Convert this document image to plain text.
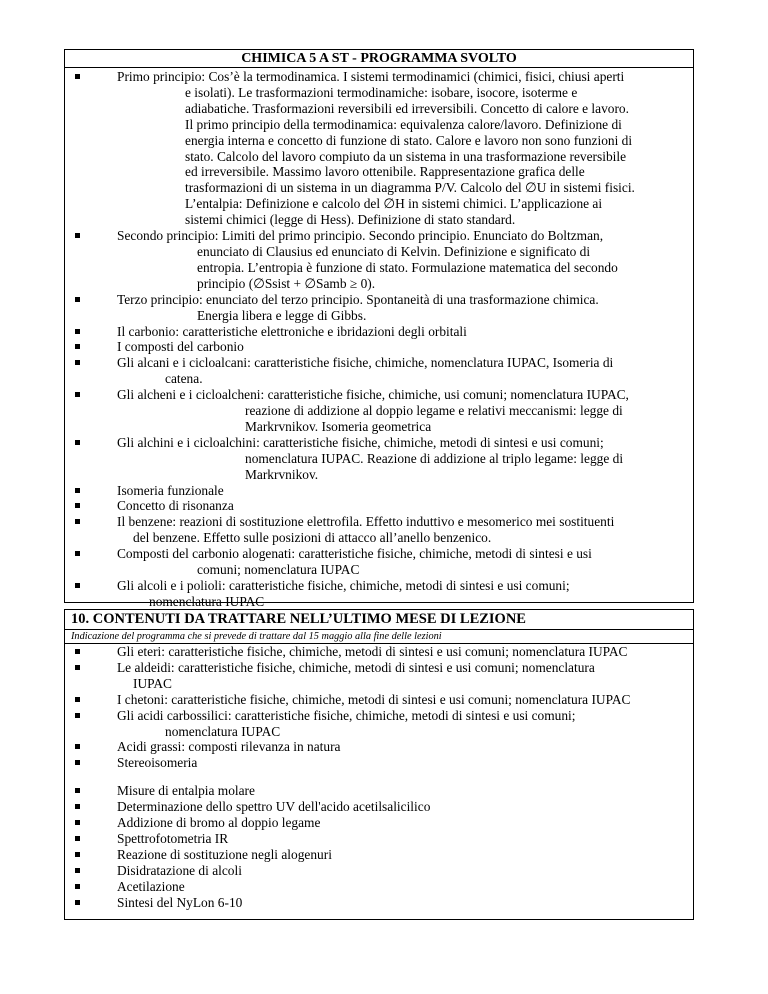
CHIMICA 5 A ST - PROGRAMMA SVOLTO
Primo principio: Cos’è la termodinamica. I sistemi termodinamici (chimici, fisici, chiusi aperti
e isolati). Le trasformazioni termodinamiche: isobare, isocore, isoterme e
adiabatiche. Trasformazioni reversibili ed irreversibili. Concetto di calore e lavoro.
Il primo principio della termodinamica: equivalenza calore/lavoro. Definizione di
energia interna e concetto di funzione di stato. Calore e lavoro non sono funzioni di
stato. Calcolo del lavoro compiuto da un sistema in una trasformazione reversibile
ed irreversibile. Massimo lavoro ottenibile. Rappresentazione grafica delle
trasformazioni di un sistema in un diagramma P/V. Calcolo del ∅U in sistemi fisici.
L’entalpia: Definizione e calcolo del ∅H in sistemi chimici. L’applicazione ai
sistemi chimici (legge di Hess). Definizione di stato standard.
Secondo principio: Limiti del primo principio. Secondo principio. Enunciato do Boltzman,
enunciato di Clausius ed enunciato di Kelvin. Definizione e significato di
entropia. L’entropia è funzione di stato. Formulazione matematica del secondo
principio (∅Ssist + ∅Samb ≥ 0).
Terzo principio: enunciato del terzo principio. Spontaneità di una trasformazione chimica.
Energia libera e legge di Gibbs.
Il carbonio: caratteristiche elettroniche e ibridazioni degli orbitali
I composti del carbonio
Gli alcani e i cicloalcani: caratteristiche fisiche, chimiche, nomenclatura IUPAC, Isomeria di
catena.
Gli alcheni e i cicloalcheni: caratteristiche fisiche, chimiche, usi comuni; nomenclatura IUPAC,
reazione di addizione al doppio legame e relativi meccanismi: legge di
Markrvnikov. Isomeria geometrica
Gli alchini e i cicloalchini: caratteristiche fisiche, chimiche, metodi di sintesi e usi comuni;
nomenclatura IUPAC. Reazione di addizione al triplo legame: legge di
Markrvnikov.
Isomeria funzionale
Concetto di risonanza
Il benzene: reazioni di sostituzione elettrofila. Effetto induttivo e mesomerico mei sostituenti
del benzene. Effetto sulle posizioni di attacco all’anello benzenico.
Composti del carbonio alogenati: caratteristiche fisiche, chimiche, metodi di sintesi e usi
comuni; nomenclatura IUPAC
Gli alcoli e i polioli: caratteristiche fisiche, chimiche, metodi di sintesi e usi comuni;
nomenclatura IUPAC
10. CONTENUTI DA TRATTARE NELL’ULTIMO MESE DI LEZIONE
Indicazione del programma che si prevede di trattare dal 15 maggio alla fine delle lezioni
Gli eteri: caratteristiche fisiche, chimiche, metodi di sintesi e usi comuni; nomenclatura IUPAC
Le aldeidi: caratteristiche fisiche, chimiche, metodi di sintesi e usi comuni; nomenclatura
IUPAC
I chetoni: caratteristiche fisiche, chimiche, metodi di sintesi e usi comuni; nomenclatura IUPAC
Gli acidi carbossilici: caratteristiche fisiche, chimiche, metodi di sintesi e usi comuni;
nomenclatura IUPAC
Acidi grassi: composti rilevanza in natura
Stereoisomeria
Misure di entalpia molare
Determinazione dello spettro UV dell'acido acetilsalicilico
Addizione di bromo al doppio legame
Spettrofotometria IR
Reazione di sostituzione negli alogenuri
Disidratazione di alcoli
Acetilazione
Sintesi del NyLon 6-10
